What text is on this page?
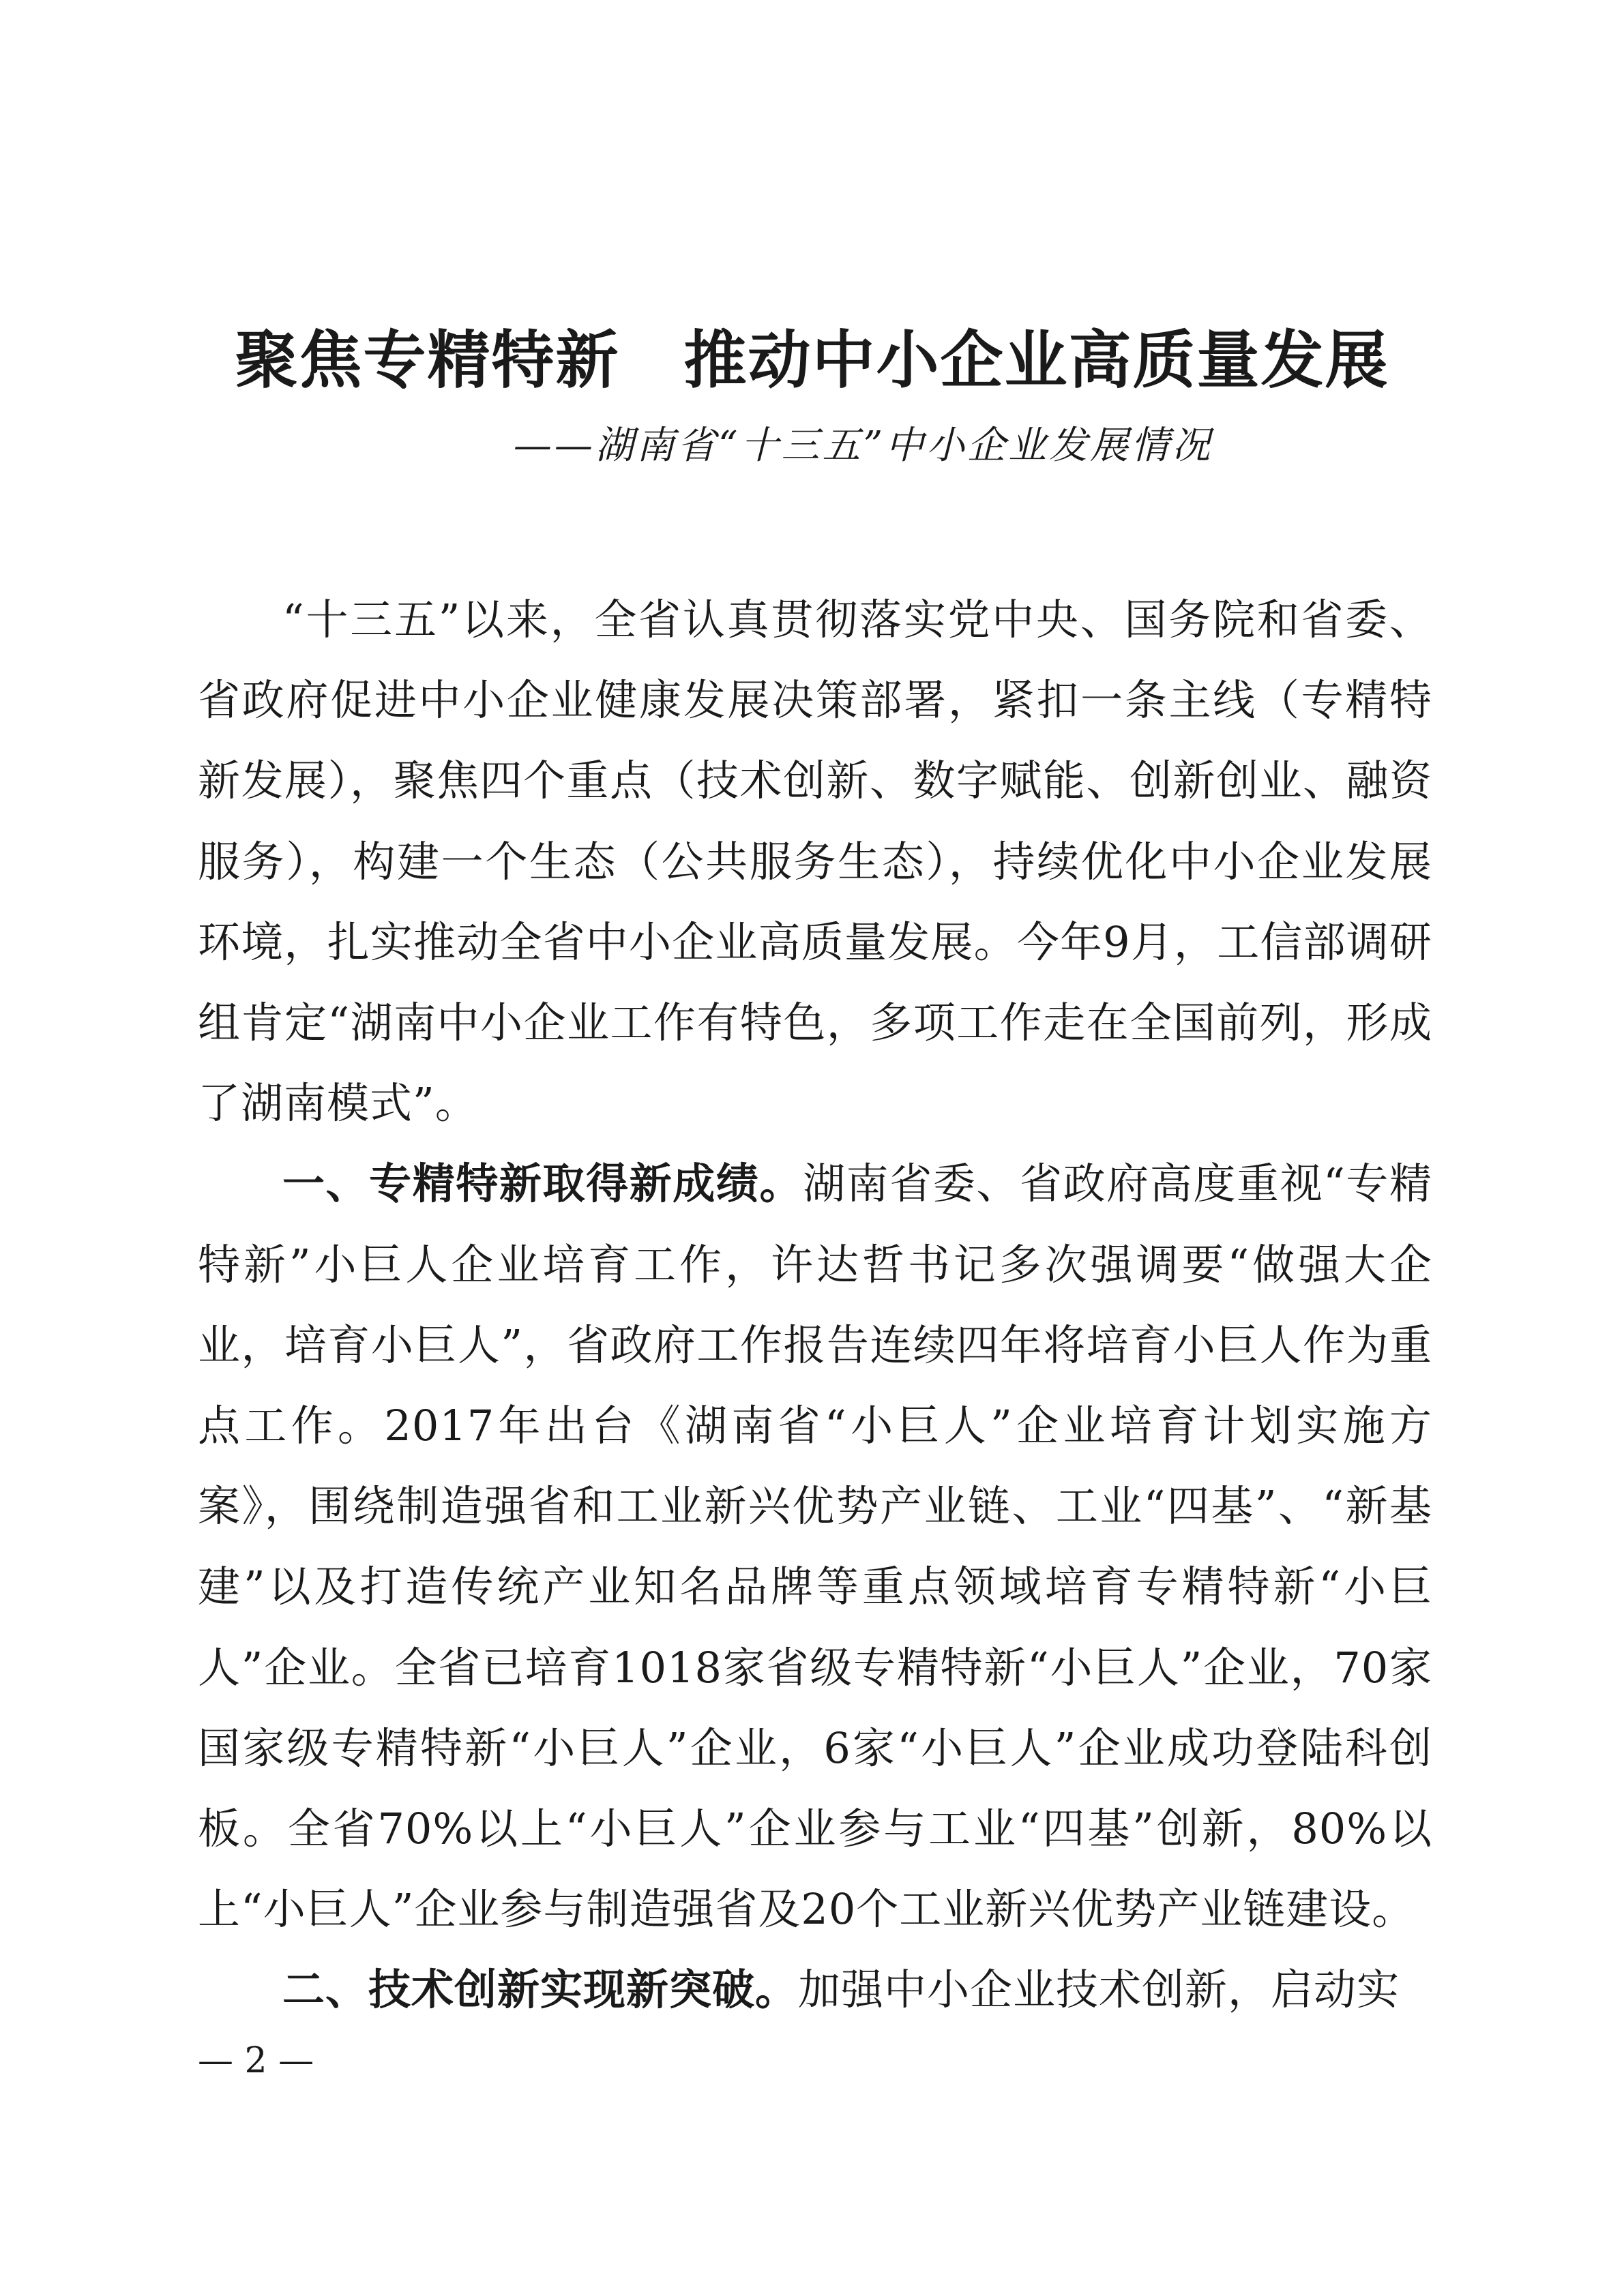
聚焦专精特新　推动中小企业高质量发展
——湖南省“十三五”中小企业发展情况

“十三五”以来，全省认真贯彻落实党中央、国务院和省委、省政府促进中小企业健康发展决策部署，紧扣一条主线（专精特新发展），聚焦四个重点（技术创新、数字赋能、创新创业、融资服务），构建一个生态（公共服务生态），持续优化中小企业发展环境，扎实推动全省中小企业高质量发展。今年9月，工信部调研组肯定“湖南中小企业工作有特色，多项工作走在全国前列，形成了湖南模式”。

一、专精特新取得新成绩。湖南省委、省政府高度重视“专精特新”小巨人企业培育工作，许达哲书记多次强调要“做强大企业，培育小巨人”，省政府工作报告连续四年将培育小巨人作为重点工作。2017年出台《湖南省“小巨人”企业培育计划实施方案》，围绕制造强省和工业新兴优势产业链、工业“四基”、“新基建”以及打造传统产业知名品牌等重点领域培育专精特新“小巨人”企业。全省已培育1018家省级专精特新“小巨人”企业，70家国家级专精特新“小巨人”企业，6家“小巨人”企业成功登陆科创板。全省70%以上“小巨人”企业参与工业“四基”创新，80%以上“小巨人”企业参与制造强省及20个工业新兴优势产业链建设。

二、技术创新实现新突破。加强中小企业技术创新，启动实

— 2 —
